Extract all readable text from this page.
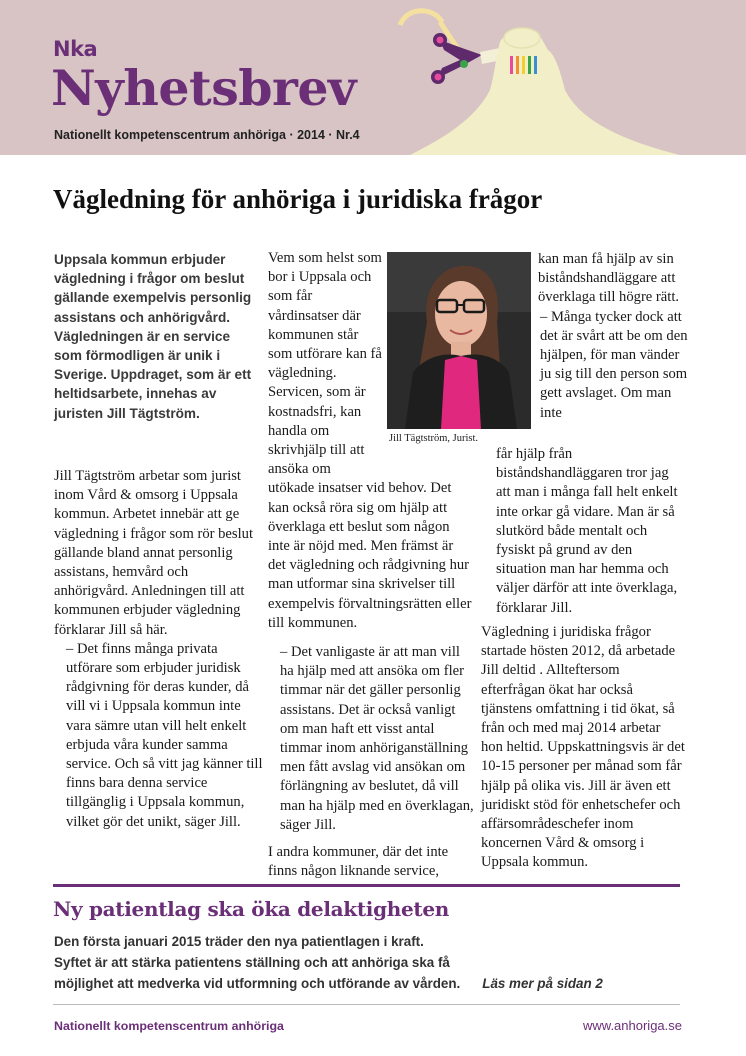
Nka
Nyhetsbrev
Nationellt kompetenscentrum anhöriga · 2014 · Nr.4
Vägledning för anhöriga i juridiska frågor

Uppsala kommun erbjuder vägledning i frågor om beslut gällande exempelvis personlig assistans och anhörigvård. Vägledningen är en service som förmodligen är unik i Sverige. Uppdraget, som är ett heltidsarbete, innehas av juristen Jill Tägtström.

Jill Tägtström arbetar som jurist inom Vård & omsorg i Uppsala kommun. Arbetet innebär att ge vägledning i frågor som rör beslut gällande bland annat personlig assistans, hemvård och anhörigvård. Anledningen till att kommunen erbjuder vägledning förklarar Jill så här.

– Det finns många privata utförare som erbjuder juridisk rådgivning för deras kunder, då vill vi i Uppsala kommun inte vara sämre utan vill helt enkelt erbjuda våra kunder samma service. Och så vitt jag känner till finns bara denna service tillgänglig i Uppsala kommun, vilket gör det unikt, säger Jill.

Vem som helst som bor i Uppsala och som får vårdinsatser där kommunen står som utförare kan få vägledning. Servicen, som är kostnadsfri, kan handla om skrivhjälp till att ansöka om

utökade insatser vid behov. Det kan också röra sig om hjälp att överklaga ett beslut som någon inte är nöjd med. Men främst är det vägledning och rådgivning hur man utformar sina skrivelser till exempelvis förvaltningsrätten eller till kommunen.

– Det vanligaste är att man vill ha hjälp med att ansöka om fler timmar när det gäller personlig assistans. Det är också vanligt om man haft ett visst antal timmar inom anhöriganställning men fått avslag vid ansökan om förlängning av beslutet, då vill man ha hjälp med en överklagan, säger Jill.

I andra kommuner, där det inte finns någon liknande service,

Jill Tägtström, Jurist.

kan man få hjälp av sin biståndshandläggare att överklaga till högre rätt.

– Många tycker dock att det är svårt att be om den hjälpen, för man vänder ju sig till den person som gett avslaget. Om man inte

får hjälp från biståndshandläggaren tror jag att man i många fall helt enkelt inte orkar gå vidare. Man är så slutkörd både mentalt och fysiskt på grund av den situation man har hemma och väljer därför att inte överklaga, förklarar Jill.

Vägledning i juridiska frågor startade hösten 2012, då arbetade Jill deltid . Allteftersom efterfrågan ökat har också tjänstens omfattning i tid ökat, så från och med maj 2014 arbetar hon heltid. Uppskattningsvis är det 10-15 personer per månad som får hjälp på olika vis. Jill är även ett juridiskt stöd för enhetschefer och affärsområdeschefer inom koncernen Vård & omsorg i Uppsala kommun.

Ny patientlag ska öka delaktigheten

Den första januari 2015 träder den nya patientlagen i kraft.

Syftet är att stärka patientens ställning och att anhöriga ska få

möjlighet att medverka vid utformning och utförande av vården. Läs mer på sidan 2

Nationellt kompetenscentrum anhöriga	www.anhoriga.se
